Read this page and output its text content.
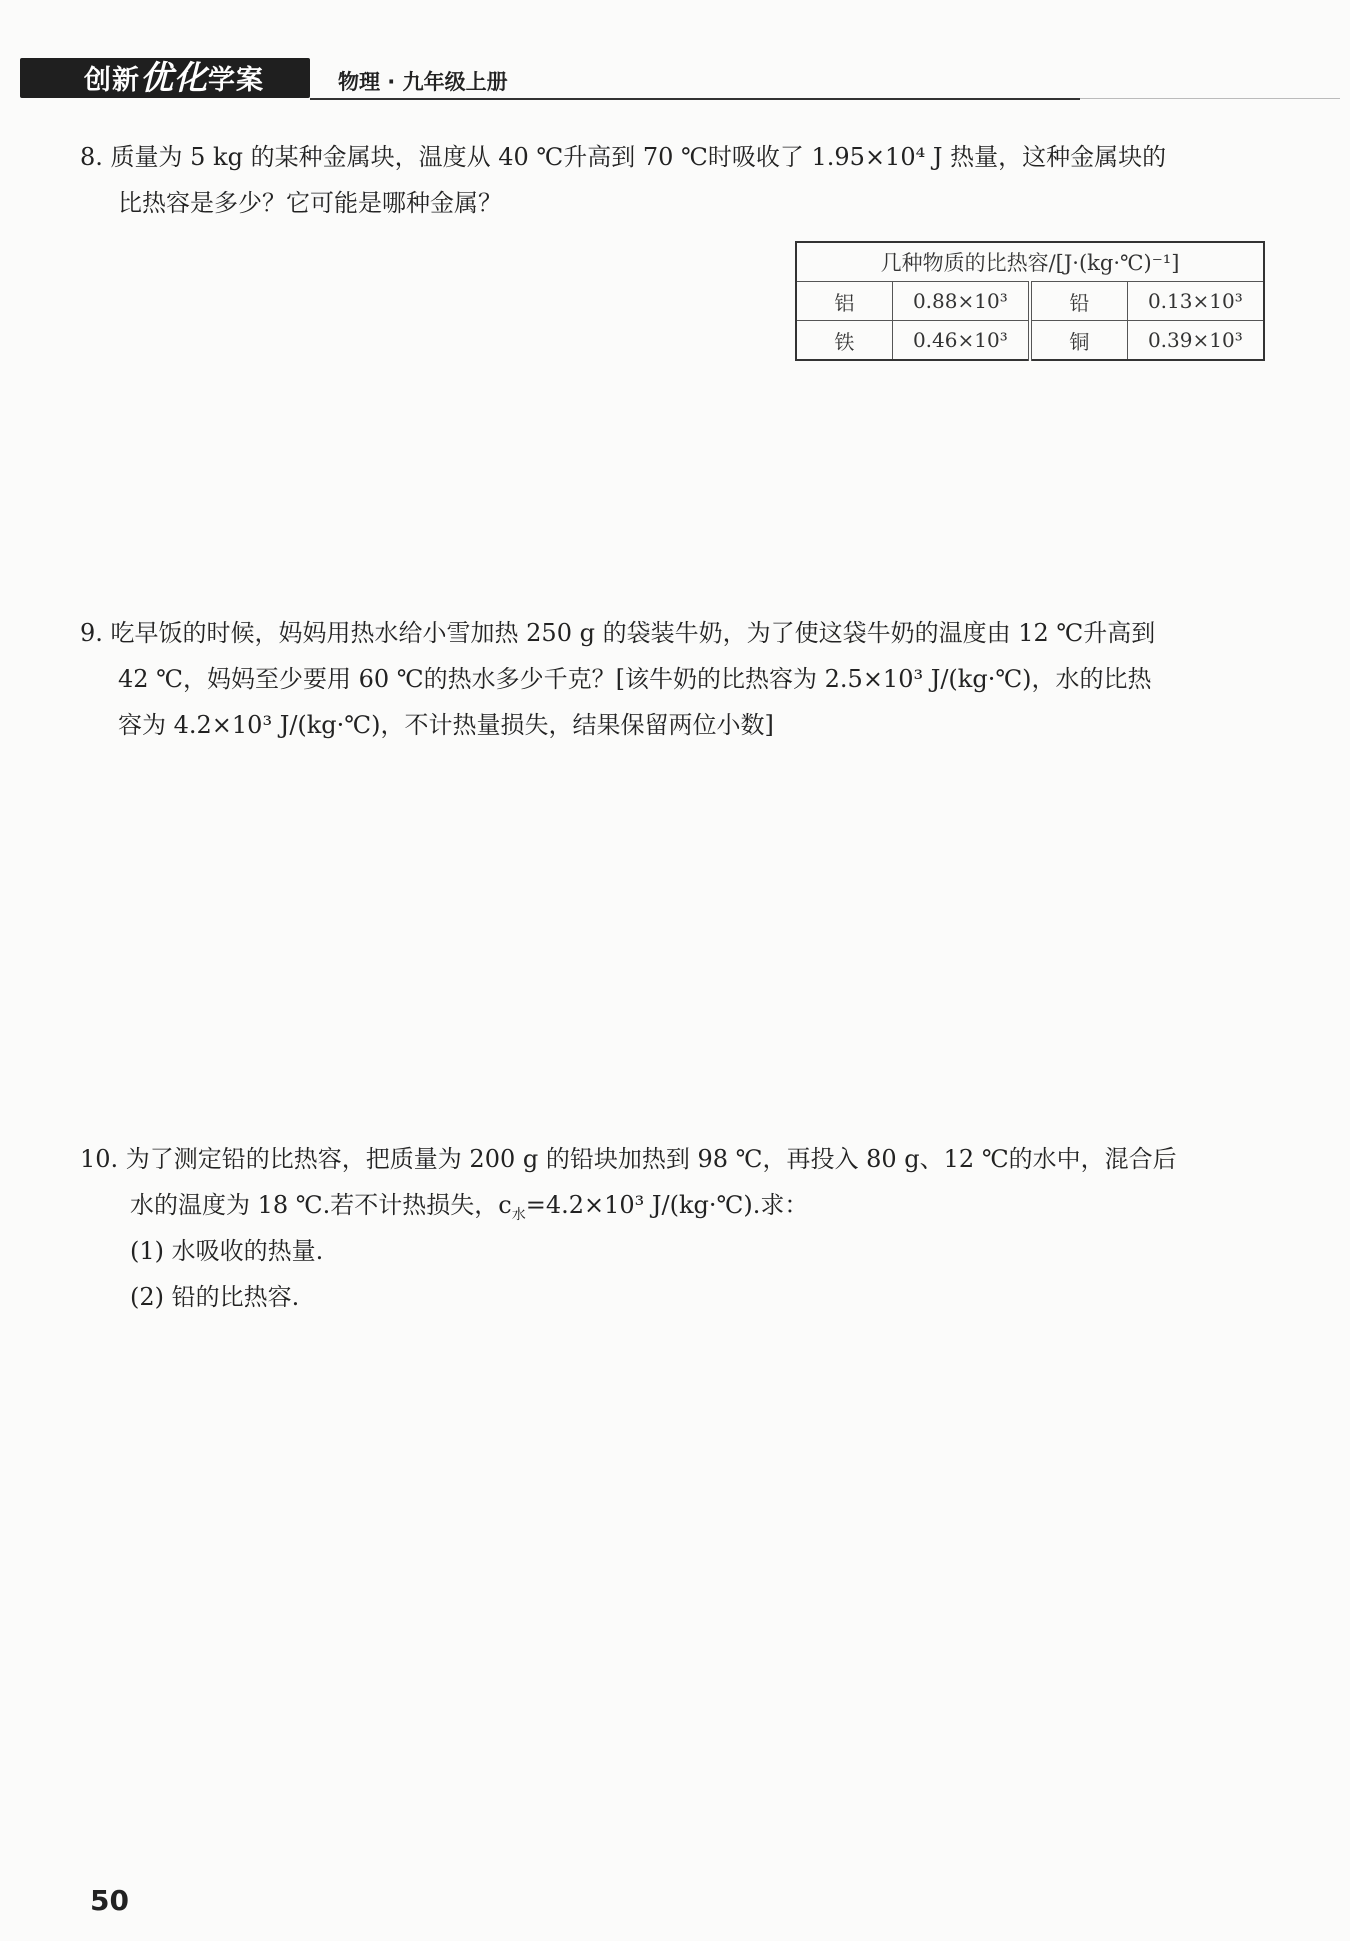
创新优化学案	物理 · 九年级上册
8. 质量为 5 kg 的某种金属块，温度从 40 ℃升高到 70 ℃时吸收了 1.95×10⁴ J 热量，这种金属块的
比热容是多少？它可能是哪种金属？
几种物质的比热容/[J·(kg·℃)⁻¹]			
铝	0.88×10³	铅	0.13×10³
铁	0.46×10³	铜	0.39×10³
9. 吃早饭的时候，妈妈用热水给小雪加热 250 g 的袋装牛奶，为了使这袋牛奶的温度由 12 ℃升高到
42 ℃，妈妈至少要用 60 ℃的热水多少千克？[该牛奶的比热容为 2.5×10³ J/(kg·℃)，水的比热
容为 4.2×10³ J/(kg·℃)，不计热量损失，结果保留两位小数]
10. 为了测定铅的比热容，把质量为 200 g 的铅块加热到 98 ℃，再投入 80 g、12 ℃的水中，混合后
水的温度为 18 ℃.若不计热损失，$c_水=4.2\times 10^3$ J/(kg·℃).求：
(1) 水吸收的热量.
(2) 铅的比热容.
50
